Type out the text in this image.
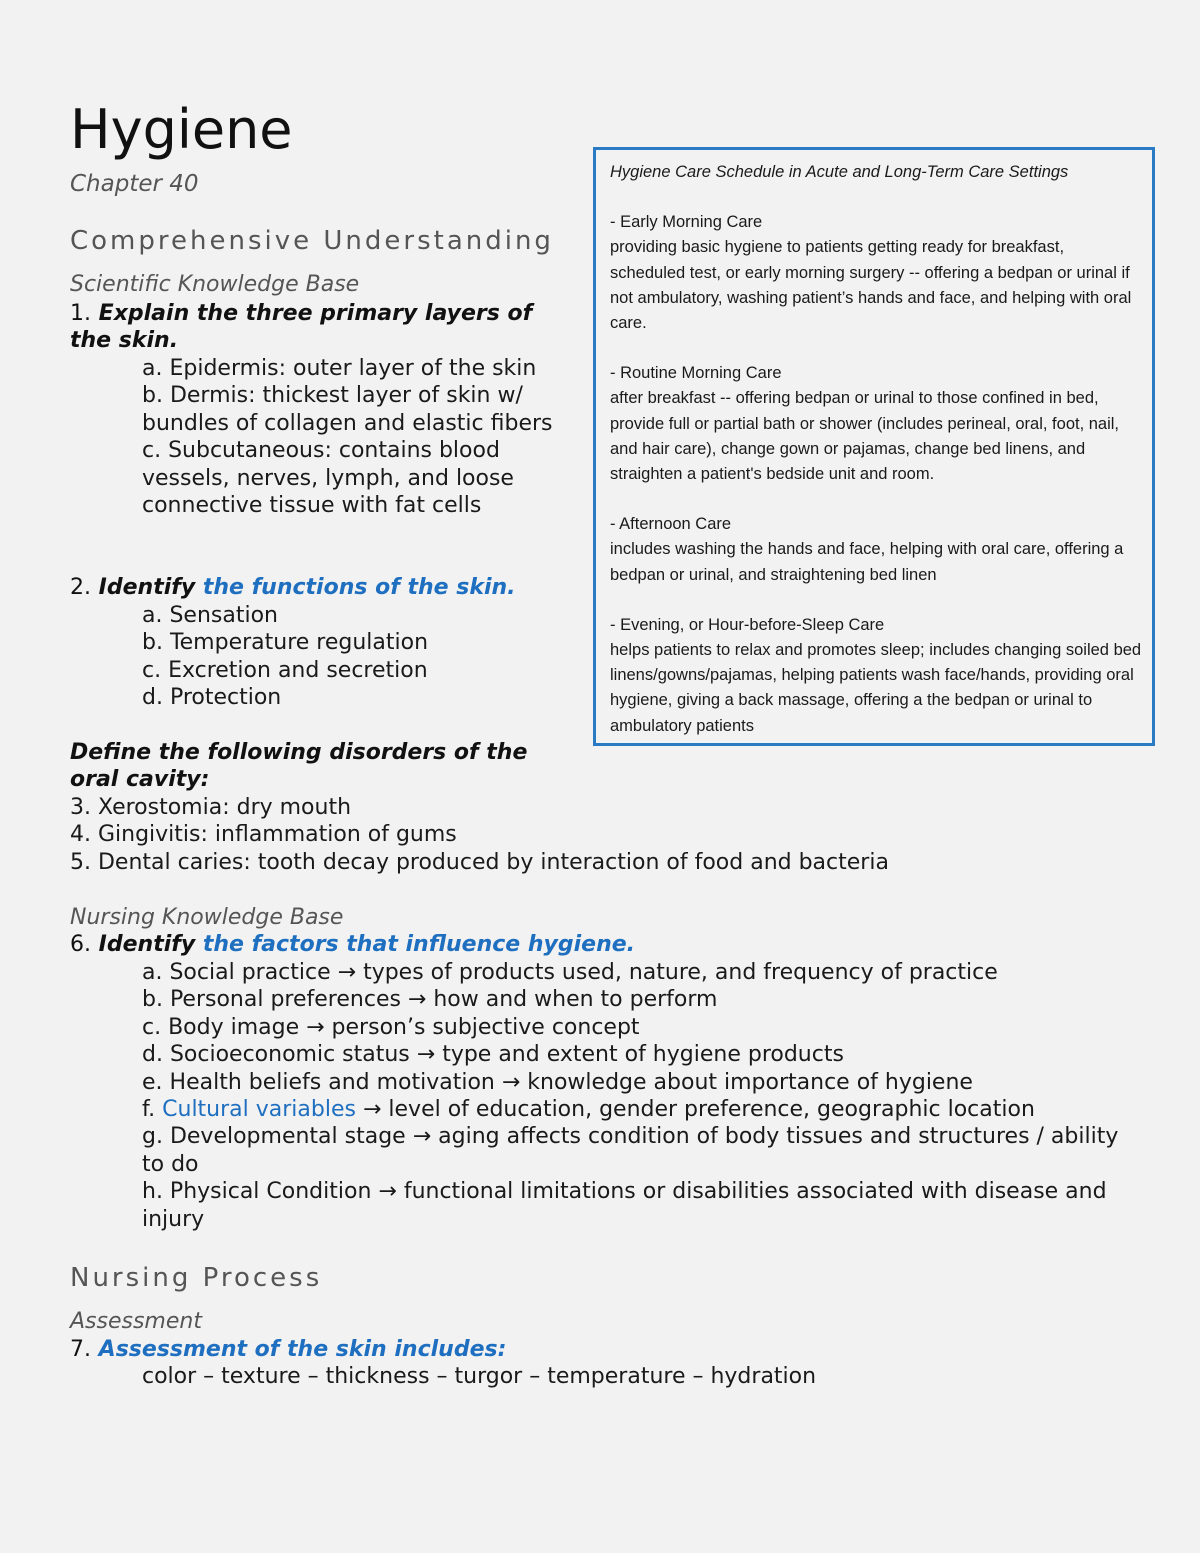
Hygiene
Chapter 40
Comprehensive Understanding
Scientific Knowledge Base
1. Explain the three primary layers of the skin.
a. Epidermis: outer layer of the skin
b. Dermis: thickest layer of skin w/ bundles of collagen and elastic fibers
c. Subcutaneous: contains blood vessels, nerves, lymph, and loose connective tissue with fat cells
2. Identify the functions of the skin.
a. Sensation
b. Temperature regulation
c. Excretion and secretion
d. Protection
Define the following disorders of the oral cavity:
3. Xerostomia: dry mouth
4. Gingivitis: inflammation of gums
5. Dental caries: tooth decay produced by interaction of food and bacteria
Nursing Knowledge Base
6. Identify the factors that influence hygiene.
a. Social practice → types of products used, nature, and frequency of practice
b. Personal preferences → how and when to perform
c. Body image → person’s subjective concept
d. Socioeconomic status → type and extent of hygiene products
e. Health beliefs and motivation → knowledge about importance of hygiene
f. Cultural variables → level of education, gender preference, geographic location
g. Developmental stage → aging affects condition of body tissues and structures / ability to do
h. Physical Condition → functional limitations or disabilities associated with disease and injury
Nursing Process
Assessment
7. Assessment of the skin includes:
color – texture – thickness – turgor – temperature – hydration
Hygiene Care Schedule in Acute and Long-Term Care Settings
- Early Morning Care
providing basic hygiene to patients getting ready for breakfast, scheduled test, or early morning surgery -- offering a bedpan or urinal if not ambulatory, washing patient’s hands and face, and helping with oral care.
- Routine Morning Care
after breakfast -- offering bedpan or urinal to those confined in bed, provide full or partial bath or shower (includes perineal, oral, foot, nail, and hair care), change gown or pajamas, change bed linens, and straighten a patient's bedside unit and room.
- Afternoon Care
includes washing the hands and face, helping with oral care, offering a bedpan or urinal, and straightening bed linen
- Evening, or Hour-before-Sleep Care
helps patients to relax and promotes sleep; includes changing soiled bed linens/gowns/pajamas, helping patients wash face/hands, providing oral hygiene, giving a back massage, offering a the bedpan or urinal to ambulatory patients
